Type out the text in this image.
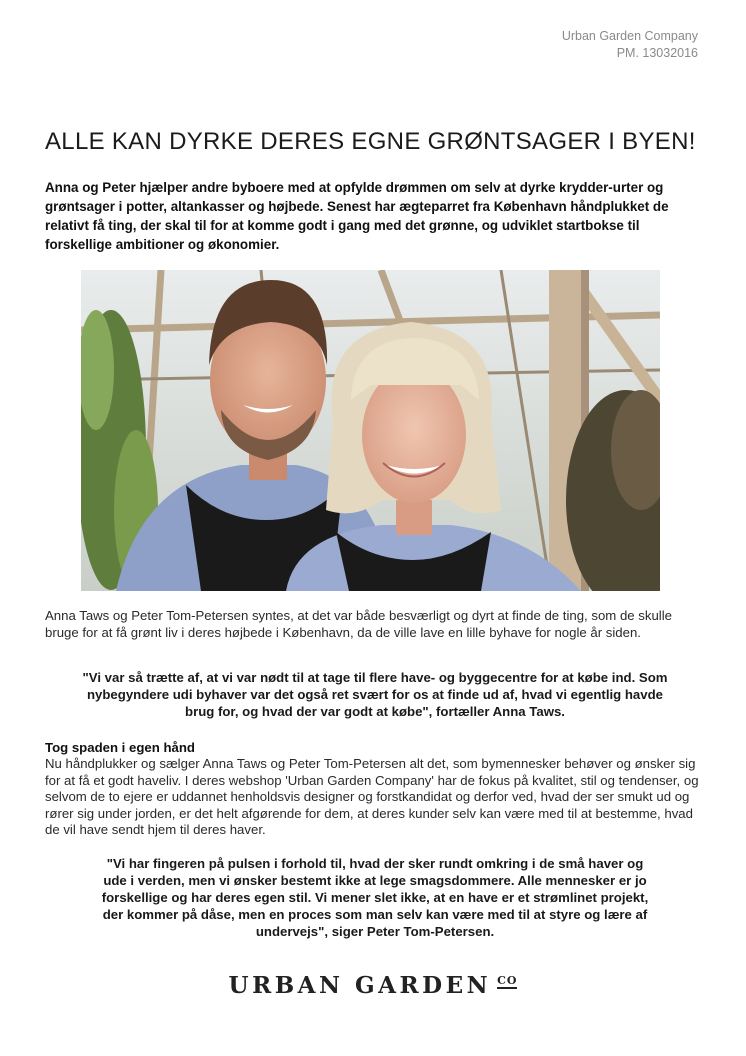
Urban Garden Company
PM. 13032016
ALLE KAN DYRKE DERES EGNE GRØNTSAGER I BYEN!

Anna og Peter hjælper andre byboere med at opfylde drømmen om selv at dyrke krydder-urter og grøntsager i potter, altankasser og højbede. Senest har ægteparret fra København håndplukket de relativt få ting, der skal til for at komme godt i gang med det grønne, og udviklet startbokse til forskellige ambitioner og økonomier.

Anna Taws og Peter Tom-Petersen syntes, at det var både besværligt og dyrt at finde de ting, som de skulle bruge for at få grønt liv i deres højbede i København, da de ville lave en lille byhave for nogle år siden.

"Vi var så trætte af, at vi var nødt til at tage til flere have- og byggecentre for at købe ind. Som nybegyndere udi byhaver var det også ret svært for os at finde ud af, hvad vi egentlig havde brug for, og hvad der var godt at købe", fortæller Anna Taws.

Tog spaden i egen hånd

Nu håndplukker og sælger Anna Taws og Peter Tom-Petersen alt det, som bymennesker behøver og ønsker sig for at få et godt haveliv. I deres webshop 'Urban Garden Company' har de fokus på kvalitet, stil og tendenser, og selvom de to ejere er uddannet henholdsvis designer og forstkandidat og derfor ved, hvad der ser smukt ud og rører sig under jorden, er det helt afgørende for dem, at deres kunder selv kan være med til at bestemme, hvad de vil have sendt hjem til deres haver.

"Vi har fingeren på pulsen i forhold til, hvad der sker rundt omkring i de små haver og ude i verden, men vi ønsker bestemt ikke at lege smagsdommere. Alle mennesker er jo forskellige og har deres egen stil. Vi mener slet ikke, at en have er et strømlinet projekt, der kommer på dåse, men en proces som man selv kan være med til at styre og lære af undervejs", siger Peter Tom-Petersen.

URBAN GARDEN CO
